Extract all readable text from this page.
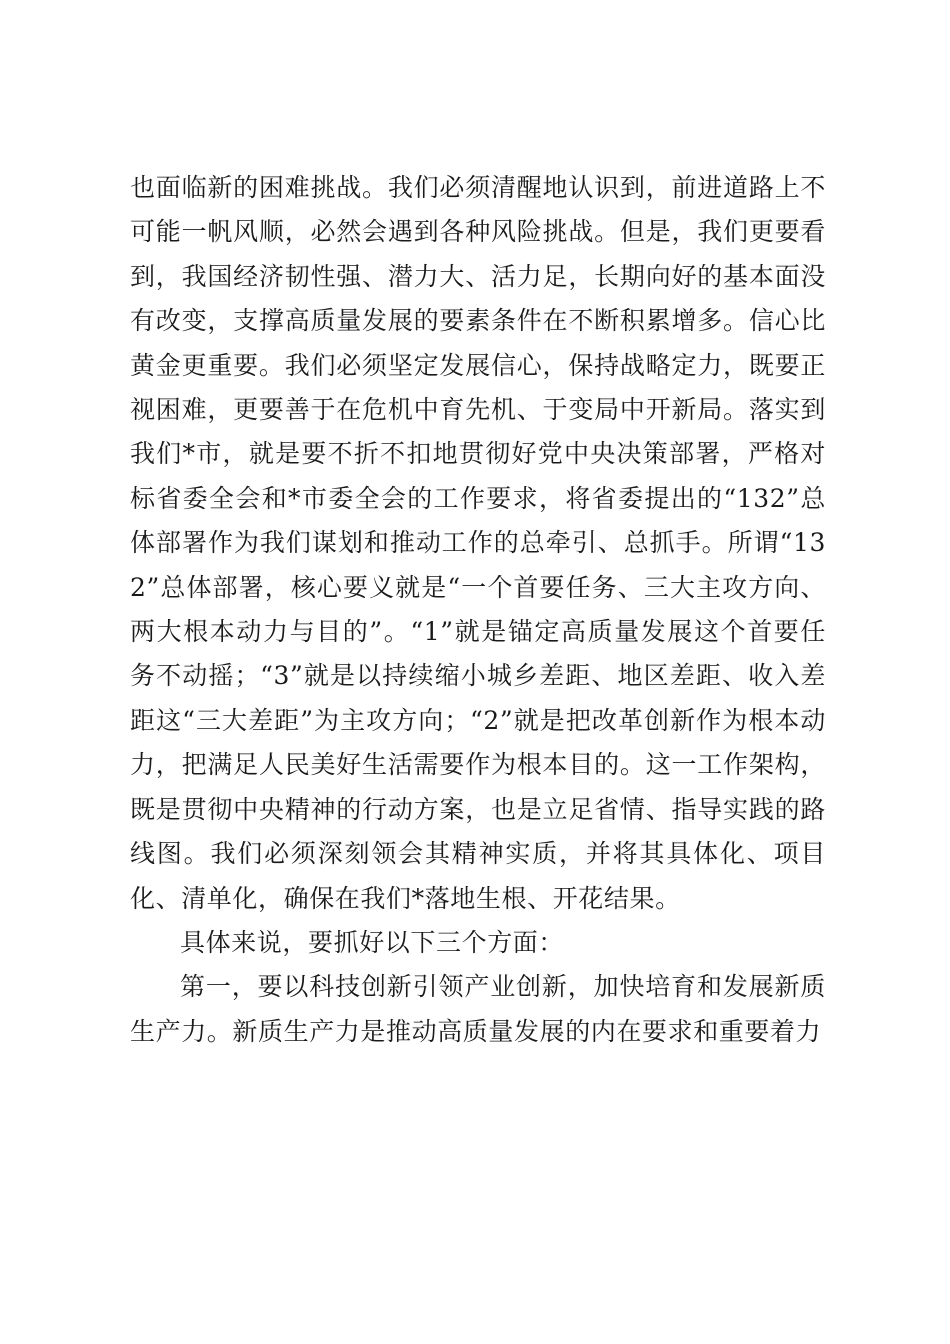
也面临新的困难挑战。我们必须清醒地认识到，前进道路上不可能一帆风顺，必然会遇到各种风险挑战。但是，我们更要看到，我国经济韧性强、潜力大、活力足，长期向好的基本面没有改变，支撑高质量发展的要素条件在不断积累增多。信心比黄金更重要。我们必须坚定发展信心，保持战略定力，既要正视困难，更要善于在危机中育先机、于变局中开新局。落实到我们*市，就是要不折不扣地贯彻好党中央决策部署，严格对标省委全会和*市委全会的工作要求，将省委提出的“132”总体部署作为我们谋划和推动工作的总牵引、总抓手。所谓“132”总体部署，核心要义就是“一个首要任务、三大主攻方向、两大根本动力与目的”。“1”就是锚定高质量发展这个首要任务不动摇；“3”就是以持续缩小城乡差距、地区差距、收入差距这“三大差距”为主攻方向；“2”就是把改革创新作为根本动力，把满足人民美好生活需要作为根本目的。这一工作架构，既是贯彻中央精神的行动方案，也是立足省情、指导实践的路线图。我们必须深刻领会其精神实质，并将其具体化、项目化、清单化，确保在我们*落地生根、开花结果。

具体来说，要抓好以下三个方面：

第一，要以科技创新引领产业创新，加快培育和发展新质生产力。新质生产力是推动高质量发展的内在要求和重要着力
